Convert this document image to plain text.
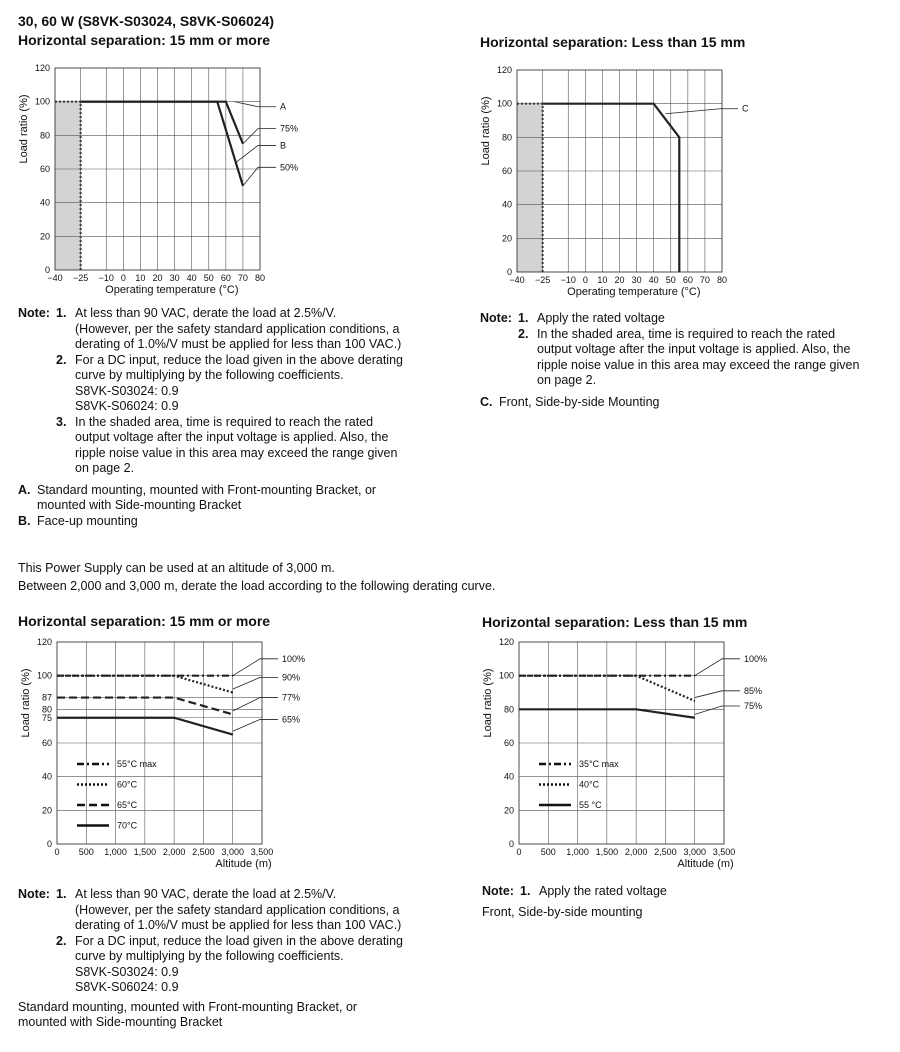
30, 60 W (S8VK-S03024, S8VK-S06024)
Horizontal separation: 15 mm or more	Horizontal separation: Less than 15 mm
−40 −25 −10 0 10 20 30 40 50 60 70 80
0
20
40
60
80
100
120
Operating temperature (°C)
Load ratio (%)	A
75%
B
50%
−40 −25 −10 0 10 20 30 40 50 60 70 80
0
20
40
60
80
100
120
Operating temperature (°C)
Load ratio (%)	C
Note: 1. At less than 90 VAC, derate the load at 2.5%/V.
(However, per the safety standard application conditions, a
derating of 1.0%/V must be applied for less than 100 VAC.)
2. For a DC input, reduce the load given in the above derating
curve by multiplying by the following coefficients.
S8VK-S03024: 0.9
S8VK-S06024: 0.9
3. In the shaded area, time is required to reach the rated
output voltage after the input voltage is applied. Also, the
ripple noise value in this area may exceed the range given
on page 2.
A. Standard mounting, mounted with Front-mounting Bracket, or
mounted with Side-mounting Bracket
B. Face-up mounting
Note: 1. Apply the rated voltage
2. In the shaded area, time is required to reach the rated
output voltage after the input voltage is applied. Also, the
ripple noise value in this area may exceed the range given
on page 2.
C. Front, Side-by-side Mounting
This Power Supply can be used at an altitude of 3,000 m.
Between 2,000 and 3,000 m, derate the load according to the following derating curve.
Horizontal separation: 15 mm or more	Horizontal separation: Less than 15 mm
0 500 1,000 1,500 2,000 2,500 3,000 3,500
0
20
40
60
75
80
87
100
120
Altitude (m)
Load ratio (%)
100%
90%
77%
65%
55°C max
60°C
65°C
70°C
0 500 1,000 1,500 2,000 2,500 3,000 3,500
0
20
40
60
80
100
120
Altitude (m)
Load ratio (%)
100%
85%
75%
35°C max
40°C
55 °C
Note: 1. At less than 90 VAC, derate the load at 2.5%/V.
(However, per the safety standard application conditions, a
derating of 1.0%/V must be applied for less than 100 VAC.)
2. For a DC input, reduce the load given in the above derating
curve by multiplying by the following coefficients.
S8VK-S03024: 0.9
S8VK-S06024: 0.9
Standard mounting, mounted with Front-mounting Bracket, or
mounted with Side-mounting Bracket
Note: 1. Apply the rated voltage
Front, Side-by-side mounting
